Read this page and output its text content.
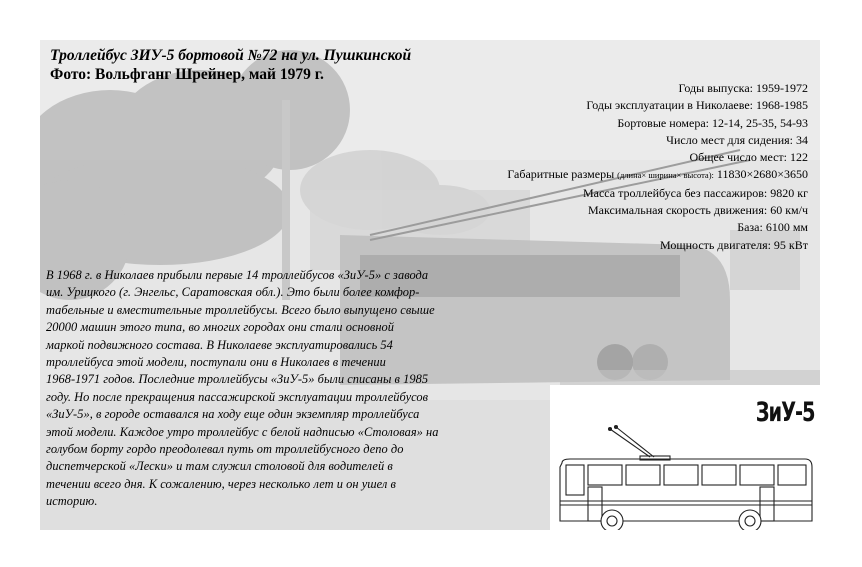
Троллейбус ЗИУ-5 бортовой №72 на ул. Пушкинской
Фото: Вольфганг Шрейнер, май 1979 г.
Годы выпуска: 1959-1972
Годы эксплуатации в Николаеве: 1968-1985
Бортовые номера: 12-14, 25-35, 54-93
Число мест для сидения: 34
Общее число мест: 122
Габаритные размеры (длина× ширина× высота): 11830×2680×3650
Масса троллейбуса без пассажиров: 9820 кг
Максимальная скорость движения: 60 км/ч
База: 6100 мм
Мощность двигателя: 95 кВт
В 1968 г. в Николаев прибыли первые 14 троллейбусов «ЗиУ-5» с завода
им. Урицкого (г. Энгельс, Саратовская обл.). Это были более комфор-
табельные и вместительные троллейбусы. Всего было выпущено свыше
20000 машин этого типа, во многих городах они стали основной
маркой подвижного состава. В Николаеве эксплуатировались 54
троллейбуса этой модели, поступали они в Николаев в течении
1968-1971 годов. Последние троллейбусы «ЗиУ-5» были списаны в 1985
году. Но после прекращения пассажирской эксплуатации троллейбусов
«ЗиУ-5», в городе оставался на ходу еще один экземпляр троллейбуса
этой модели. Каждое утро троллейбус с белой надписью «Столовая» на
голубом борту гордо преодолевал путь от троллейбусного депо до
диспетчерской «Лески» и там служил столовой для водителей в
течении всего дня. К сожалению, через несколько лет и он ушел в
историю.
ЗиУ-5
